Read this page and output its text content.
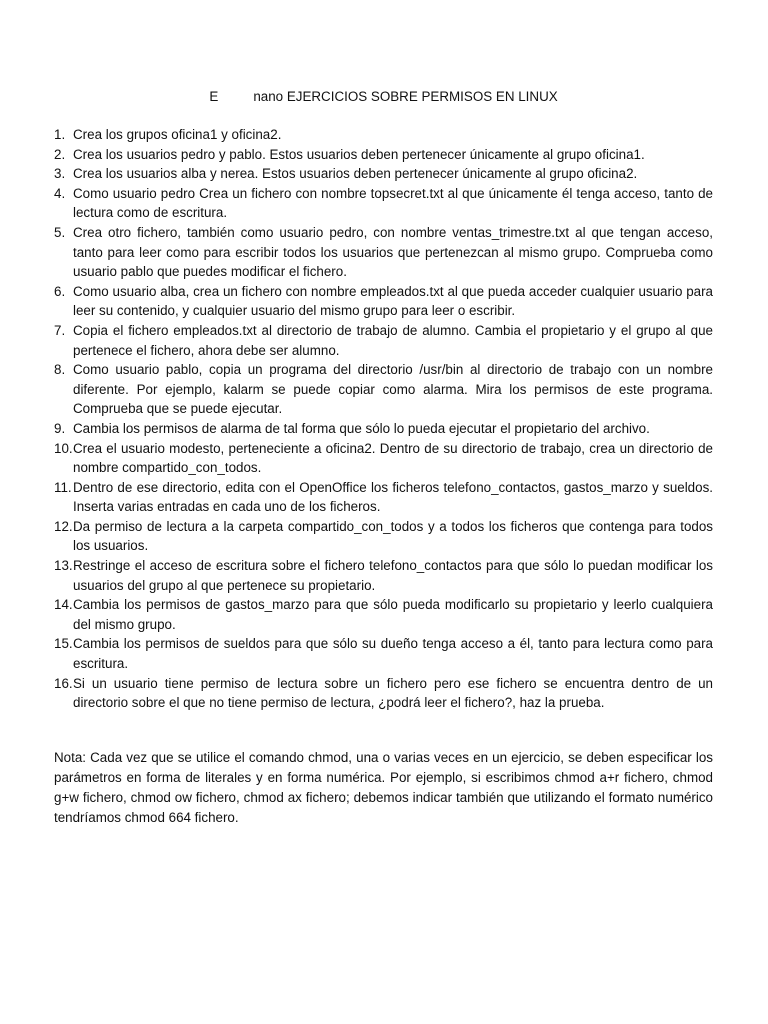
E	nano EJERCICIOS SOBRE PERMISOS EN LINUX
1. Crea los grupos oficina1 y oficina2.
2. Crea los usuarios pedro y pablo. Estos usuarios deben pertenecer únicamente al grupo oficina1.
3. Crea los usuarios alba y nerea. Estos usuarios deben pertenecer únicamente al grupo oficina2.
4. Como usuario pedro Crea un fichero con nombre topsecret.txt al que únicamente él tenga acceso, tanto de lectura como de escritura.
5. Crea otro fichero, también como usuario pedro, con nombre ventas_trimestre.txt al que tengan acceso, tanto para leer como para escribir todos los usuarios que pertenezcan al mismo grupo. Comprueba como usuario pablo que puedes modificar el fichero.
6. Como usuario alba, crea un fichero con nombre empleados.txt al que pueda acceder cualquier usuario para leer su contenido, y cualquier usuario del mismo grupo para leer o escribir.
7. Copia el fichero empleados.txt al directorio de trabajo de alumno. Cambia el propietario y el grupo al que pertenece el fichero, ahora debe ser alumno.
8. Como usuario pablo, copia un programa del directorio /usr/bin al directorio de trabajo con un nombre diferente. Por ejemplo, kalarm se puede copiar como alarma. Mira los permisos de este programa. Comprueba que se puede ejecutar.
9. Cambia los permisos de alarma de tal forma que sólo lo pueda ejecutar el propietario del archivo.
10. Crea el usuario modesto, perteneciente a oficina2. Dentro de su directorio de trabajo, crea un directorio de nombre compartido_con_todos.
11. Dentro de ese directorio, edita con el OpenOffice los ficheros telefono_contactos, gastos_marzo y sueldos. Inserta varias entradas en cada uno de los ficheros.
12. Da permiso de lectura a la carpeta compartido_con_todos y a todos los ficheros que contenga para todos los usuarios.
13. Restringe el acceso de escritura sobre el fichero telefono_contactos para que sólo lo puedan modificar los usuarios del grupo al que pertenece su propietario.
14. Cambia los permisos de gastos_marzo para que sólo pueda modificarlo su propietario y leerlo cualquiera del mismo grupo.
15. Cambia los permisos de sueldos para que sólo su dueño tenga acceso a él, tanto para lectura como para escritura.
16. Si un usuario tiene permiso de lectura sobre un fichero pero ese fichero se encuentra dentro de un directorio sobre el que no tiene permiso de lectura, ¿podrá leer el fichero?, haz la prueba.

Nota: Cada vez que se utilice el comando chmod, una o varias veces en un ejercicio, se deben especificar los parámetros en forma de literales y en forma numérica. Por ejemplo, si escribimos chmod a+r fichero, chmod g+w fichero, chmod ow fichero, chmod ax fichero; debemos indicar también que utilizando el formato numérico tendríamos chmod 664 fichero.
